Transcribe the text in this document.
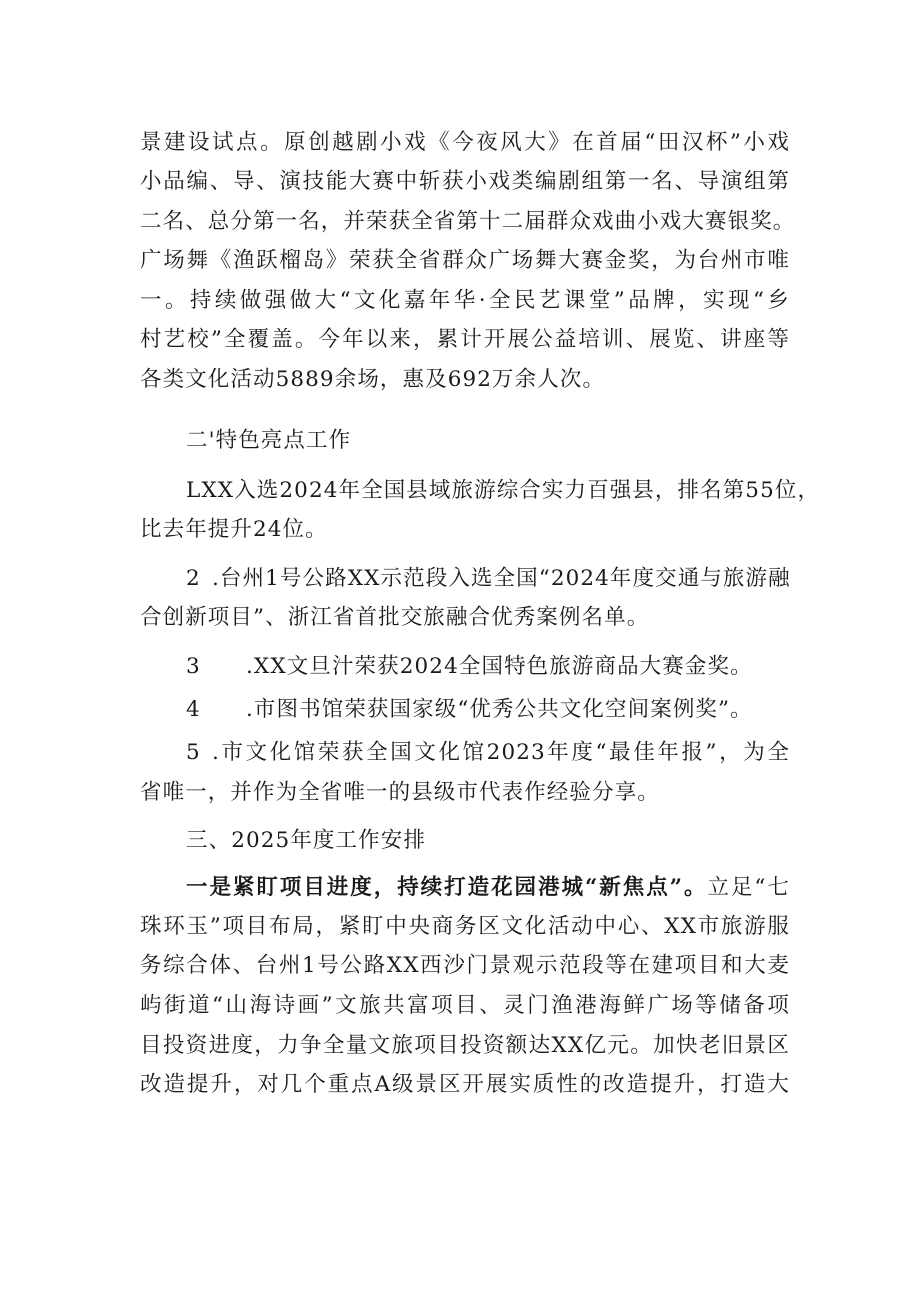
景建设试点。原创越剧小戏《今夜风大》在首届“田汉杯”小戏
小品编、导、演技能大赛中斩获小戏类编剧组第一名、导演组第
二名、总分第一名，并荣获全省第十二届群众戏曲小戏大赛银奖。
广场舞《渔跃榴岛》荣获全省群众广场舞大赛金奖，为台州市唯
一。持续做强做大“文化嘉年华·全民艺课堂”品牌，实现“乡
村艺校”全覆盖。今年以来，累计开展公益培训、展览、讲座等
各类文化活动5889余场，惠及692万余人次。
二'特色亮点工作
LXX入选2024年全国县域旅游综合实力百强县，排名第55位，
比去年提升24位。
2 .台州1号公路XX示范段入选全国“2024年度交通与旅游融
合创新项目”、浙江省首批交旅融合优秀案例名单。
3 .XX文旦汁荣获2024全国特色旅游商品大赛金奖。
4 .市图书馆荣获国家级“优秀公共文化空间案例奖”。
5 .市文化馆荣获全国文化馆2023年度“最佳年报”，为全
省唯一，并作为全省唯一的县级市代表作经验分享。
三、2025年度工作安排
一是紧盯项目进度，持续打造花园港城“新焦点”。立足“七
珠环玉”项目布局，紧盯中央商务区文化活动中心、XX市旅游服
务综合体、台州1号公路XX西沙门景观示范段等在建项目和大麦
屿街道“山海诗画”文旅共富项目、灵门渔港海鲜广场等储备项
目投资进度，力争全量文旅项目投资额达XX亿元。加快老旧景区
改造提升，对几个重点A级景区开展实质性的改造提升，打造大
